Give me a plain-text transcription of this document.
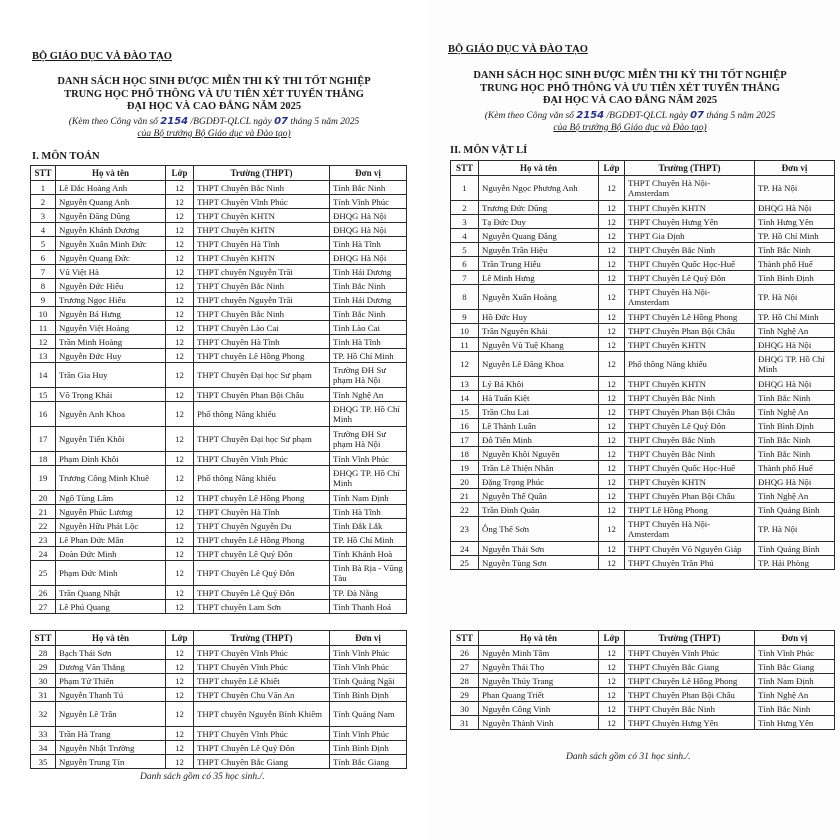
BỘ GIÁO DỤC VÀ ĐÀO TẠO
DANH SÁCH HỌC SINH ĐƯỢC MIỄN THI KỲ THI TỐT NGHIỆP
TRUNG HỌC PHỔ THÔNG VÀ ƯU TIÊN XÉT TUYỂN THẲNG
ĐẠI HỌC VÀ CAO ĐẲNG NĂM 2025
(Kèm theo Công văn số 2154 /BGDĐT-QLCL ngày 07 tháng 5 năm 2025
của Bộ trưởng Bộ Giáo dục và Đào tạo)
I. MÔN TOÁN
STT	Họ và tên	Lớp	Trường (THPT)	Đơn vị
1	Lê Đắc Hoàng Anh	12	THPT Chuyên Bắc Ninh	Tỉnh Bắc Ninh
2	Nguyễn Quang Anh	12	THPT Chuyên Vĩnh Phúc	Tỉnh Vĩnh Phúc
3	Nguyễn Đăng Dũng	12	THPT Chuyên KHTN	ĐHQG Hà Nội
4	Nguyễn Khánh Dương	12	THPT Chuyên KHTN	ĐHQG Hà Nội
5	Nguyễn Xuân Minh Đức	12	THPT Chuyên Hà Tĩnh	Tỉnh Hà Tĩnh
6	Nguyễn Quang Đức	12	THPT Chuyên KHTN	ĐHQG Hà Nội
7	Vũ Việt Hà	12	THPT chuyên Nguyễn Trãi	Tỉnh Hải Dương
8	Nguyễn Đức Hiếu	12	THPT Chuyên Bắc Ninh	Tỉnh Bắc Ninh
9	Trương Ngọc Hiếu	12	THPT chuyên Nguyễn Trãi	Tỉnh Hải Dương
10	Nguyễn Bá Hưng	12	THPT Chuyên Bắc Ninh	Tỉnh Bắc Ninh
11	Nguyễn Việt Hoàng	12	THPT Chuyên Lào Cai	Tỉnh Lào Cai
12	Trần Minh Hoàng	12	THPT Chuyên Hà Tĩnh	Tỉnh Hà Tĩnh
13	Nguyễn Đức Huy	12	THPT chuyên Lê Hồng Phong	TP. Hồ Chí Minh
14	Trần Gia Huy	12	THPT Chuyên Đại học Sư phạm	Trường ĐH Sư phạm Hà Nội
15	Võ Trọng Khải	12	THPT Chuyên Phan Bội Châu	Tỉnh Nghệ An
16	Nguyễn Anh Khoa	12	Phổ thông Năng khiếu	ĐHQG TP. Hồ Chí Minh
17	Nguyễn Tiến Khôi	12	THPT Chuyên Đại học Sư phạm	Trường ĐH Sư phạm Hà Nội
18	Phạm Đình Khôi	12	THPT Chuyên Vĩnh Phúc	Tỉnh Vĩnh Phúc
19	Trương Công Minh Khuê	12	Phổ thông Năng khiếu	ĐHQG TP. Hồ Chí Minh
20	Ngô Tùng Lâm	12	THPT chuyên Lê Hồng Phong	Tỉnh Nam Định
21	Nguyễn Phúc Lương	12	THPT Chuyên Hà Tĩnh	Tỉnh Hà Tĩnh
22	Nguyễn Hữu Phát Lộc	12	THPT Chuyên Nguyễn Du	Tỉnh Đắk Lắk
23	Lê Phan Đức Mân	12	THPT chuyên Lê Hồng Phong	TP. Hồ Chí Minh
24	Đoàn Đức Minh	12	THPT chuyên Lê Quý Đôn	Tỉnh Khánh Hoà
25	Phạm Đức Minh	12	THPT Chuyên Lê Quý Đôn	Tỉnh Bà Rịa - Vũng Tàu
26	Trần Quang Nhật	12	THPT Chuyên Lê Quý Đôn	TP. Đà Nẵng
27	Lê Phú Quang	12	THPT chuyên Lam Sơn	Tỉnh Thanh Hoá
STT	Họ và tên	Lớp	Trường (THPT)	Đơn vị
28	Bạch Thái Sơn	12	THPT Chuyên Vĩnh Phúc	Tỉnh Vĩnh Phúc
29	Dương Văn Thắng	12	THPT Chuyên Vĩnh Phúc	Tỉnh Vĩnh Phúc
30	Phạm Tử Thiên	12	THPT chuyên Lê Khiết	Tỉnh Quảng Ngãi
31	Nguyễn Thanh Tú	12	THPT Chuyên Chu Văn An	Tỉnh Bình Định
32	Nguyễn Lê Trân	12	THPT chuyên Nguyễn Bỉnh Khiêm	Tỉnh Quảng Nam
33	Trần Hà Trang	12	THPT Chuyên Vĩnh Phúc	Tỉnh Vĩnh Phúc
34	Nguyễn Nhật Trường	12	THPT Chuyên Lê Quý Đôn	Tỉnh Bình Định
35	Nguyễn Trung Tín	12	THPT Chuyên Bắc Giang	Tỉnh Bắc Giang
Danh sách gồm có 35 học sinh./.
BỘ GIÁO DỤC VÀ ĐÀO TẠO
DANH SÁCH HỌC SINH ĐƯỢC MIỄN THI KỲ THI TỐT NGHIỆP
TRUNG HỌC PHỔ THÔNG VÀ ƯU TIÊN XÉT TUYỂN THẲNG
ĐẠI HỌC VÀ CAO ĐẲNG NĂM 2025
(Kèm theo Công văn số 2154 /BGDĐT-QLCL ngày 07 tháng 5 năm 2025
của Bộ trưởng Bộ Giáo dục và Đào tạo)
II. MÔN VẬT LÍ
STT	Họ và tên	Lớp	Trường (THPT)	Đơn vị
1	Nguyễn Ngọc Phương Anh	12	THPT Chuyên Hà Nội-Amsterdam	TP. Hà Nội
2	Trương Đức Dũng	12	THPT Chuyên KHTN	ĐHQG Hà Nội
3	Tạ Đức Duy	12	THPT Chuyên Hưng Yên	Tỉnh Hưng Yên
4	Nguyễn Quang Đăng	12	THPT Gia Định	TP. Hồ Chí Minh
5	Nguyễn Trần Hiệu	12	THPT Chuyên Bắc Ninh	Tỉnh Bắc Ninh
6	Trần Trung Hiếu	12	THPT Chuyên Quốc Học-Huế	Thành phố Huế
7	Lê Minh Hưng	12	THPT Chuyên Lê Quý Đôn	Tỉnh Bình Định
8	Nguyễn Xuân Hoàng	12	THPT Chuyên Hà Nội-Amsterdam	TP. Hà Nội
9	Hồ Đức Huy	12	THPT Chuyên Lê Hồng Phong	TP. Hồ Chí Minh
10	Trần Nguyên Khải	12	THPT Chuyên Phan Bội Châu	Tỉnh Nghệ An
11	Nguyễn Vũ Tuệ Khang	12	THPT Chuyên KHTN	ĐHQG Hà Nội
12	Nguyễn Lê Đăng Khoa	12	Phổ thông Năng khiếu	ĐHQG TP. Hồ Chí Minh
13	Lý Bá Khôi	12	THPT Chuyên KHTN	ĐHQG Hà Nội
14	Hà Tuấn Kiệt	12	THPT Chuyên Bắc Ninh	Tỉnh Bắc Ninh
15	Trần Chu Lai	12	THPT Chuyên Phan Bội Châu	Tỉnh Nghệ An
16	Lê Thành Luân	12	THPT Chuyên Lê Quý Đôn	Tỉnh Bình Định
17	Đỗ Tiến Minh	12	THPT Chuyên Bắc Ninh	Tỉnh Bắc Ninh
18	Nguyễn Khôi Nguyên	12	THPT Chuyên Bắc Ninh	Tỉnh Bắc Ninh
19	Trần Lê Thiện Nhân	12	THPT Chuyên Quốc Học-Huế	Thành phố Huế
20	Đặng Trọng Phúc	12	THPT Chuyên KHTN	ĐHQG Hà Nội
21	Nguyễn Thế Quân	12	THPT Chuyên Phan Bội Châu	Tỉnh Nghệ An
22	Trần Đình Quân	12	THPT Lê Hồng Phong	Tỉnh Quảng Bình
23	Ông Thế Sơn	12	THPT Chuyên Hà Nội-Amsterdam	TP. Hà Nội
24	Nguyễn Thái Sơn	12	THPT Chuyên Võ Nguyên Giáp	Tỉnh Quảng Bình
25	Nguyễn Tùng Sơn	12	THPT Chuyên Trần Phú	TP. Hải Phòng
STT	Họ và tên	Lớp	Trường (THPT)	Đơn vị
26	Nguyễn Minh Tâm	12	THPT Chuyên Vĩnh Phúc	Tỉnh Vĩnh Phúc
27	Nguyễn Thái Thọ	12	THPT Chuyên Bắc Giang	Tỉnh Bắc Giang
28	Nguyễn Thúy Trang	12	THPT Chuyên Lê Hồng Phong	Tỉnh Nam Định
29	Phan Quang Triết	12	THPT Chuyên Phan Bội Châu	Tỉnh Nghệ An
30	Nguyễn Công Vinh	12	THPT Chuyên Bắc Ninh	Tỉnh Bắc Ninh
31	Nguyễn Thành Vinh	12	THPT Chuyên Hưng Yên	Tỉnh Hưng Yên
Danh sách gồm có 31 học sinh./.
